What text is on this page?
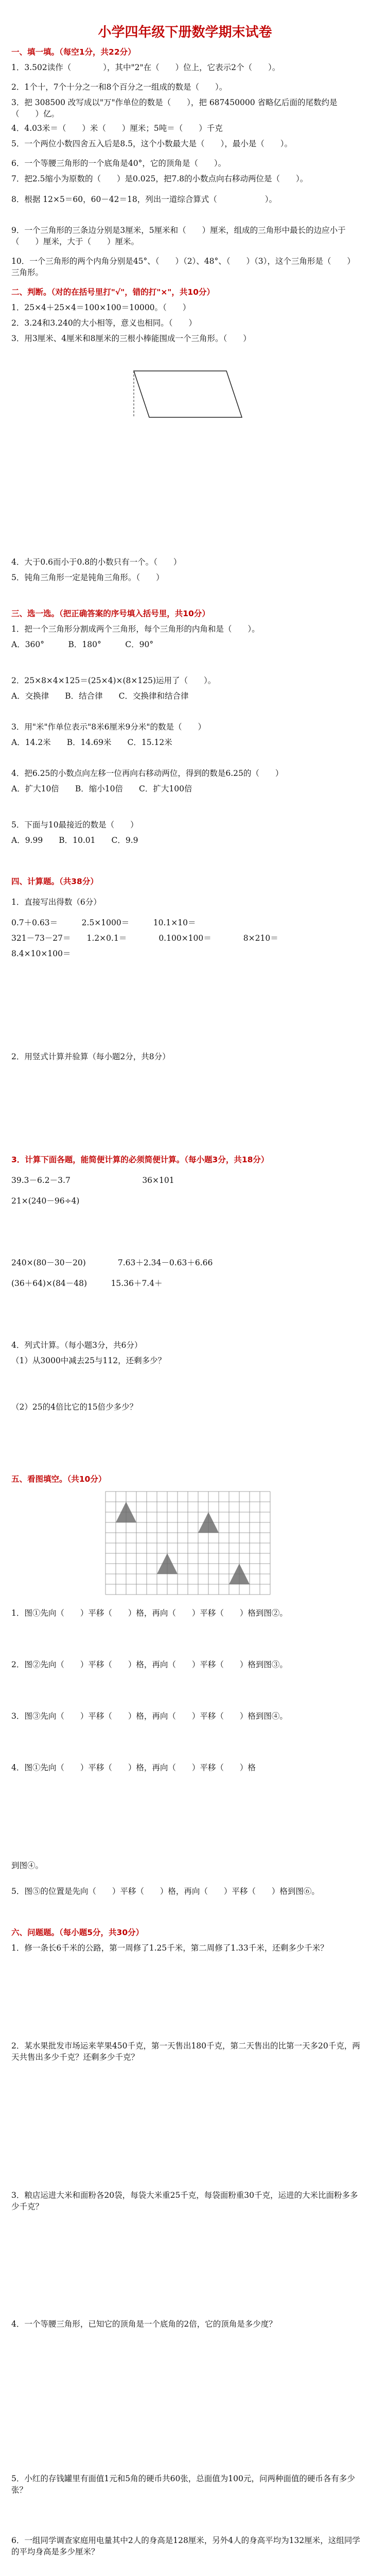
小学四年级下册数学期末试卷
一、填一填。（每空1分，共22分）
1．3.502读作（　　　　），其中"2"在（　　）位上，它表示2个（　　）。
2．1个十，7个十分之一和8个百分之一组成的数是（　　）。
3．把 308500 改写成以"万"作单位的数是（　　），把 687450000 省略亿后面的尾数约是（　　）亿。
4．4.03米＝（　　）米（　　）厘米；5吨＝（　　）千克
5．一个两位小数四舍五入后是8.5，这个小数最大是（　　），最小是（　　）。
6．一个等腰三角形的一个底角是40°，它的顶角是（　　）。
7．把2.5缩小为原数的（　　）是0.025，把7.8的小数点向右移动两位是（　　）。
8．根据 12×5＝60，60－42＝18，列出一道综合算式（　　　　　　）。
9．一个三角形的三条边分别是3厘米，5厘米和（　　）厘米，组成的三角形中最长的边应小于（　　）厘米，大于（　　）厘米。
10．一个三角形的两个内角分别是45°、（　　）（2）、48°、（　　）（3），这个三角形是（　　）三角形。
二、判断。（对的在括号里打"√"，错的打"×"，共10分）
1．25×4＋25×4＝100×100＝10000。（　　）
2．3.24和3.240的大小相等，意义也相同。（　　）
3．用3厘米、4厘米和8厘米的三根小棒能围成一个三角形。（　　）
4．大于0.6而小于0.8的小数只有一个。（　　）
5．钝角三角形一定是钝角三角形。（　　）
三、选一选。（把正确答案的序号填入括号里，共10分）
1．把一个三角形分割成两个三角形，每个三角形的内角和是（　　）。
A．360°　　　B．180°　　　C．90°
2．25×8×4×125＝(25×4)×(8×125)运用了（　　）。
A．交换律　　B．结合律　　C．交换律和结合律
3．用"米"作单位表示"8米6厘米9分米"的数是（　　）
A．14.2米　　B．14.69米　　C．15.12米
4．把6.25的小数点向左移一位再向右移动两位，得到的数是6.25的（　　）
A．扩大10倍　　B．缩小10倍　　C．扩大100倍
5．下面与10最接近的数是（　　）
A．9.99　　B．10.01　　C．9.9
四、计算题。（共38分）
1．直接写出得数（6分）
0.7＋0.63＝　　　2.5×1000＝　　　10.1×10＝
321－73－27＝　　1.2×0.1＝　　　　0.100×100＝　　　　8×210＝
8.4×10×100＝
2．用竖式计算并验算（每小题2分，共8分）
3．计算下面各题，能简便计算的必须简便计算。（每小题3分，共18分）
39.3－6.2－3.7　　　　　　　　　36×101
21×(240－96÷4)
240×(80－30－20)　　　　7.63＋2.34－0.63＋6.66
(36＋64)×(84－48)　　　15.36＋7.4＋
4．列式计算。（每小题3分，共6分）
（1）从3000中减去25与112，还剩多少？
（2）25的4倍比它的15倍少多少？
五、看图填空。（共10分）
1．图①先向（　　）平移（　　）格，再向（　　）平移（　　）格到图②。
2．图②先向（　　）平移（　　）格，再向（　　）平移（　　）格到图③。
3．图③先向（　　）平移（　　）格，再向（　　）平移（　　）格到图④。
4．图①先向（　　）平移（　　）格，再向（　　）平移（　　）格
到图④。
5．图⑤的位置是先向（　　）平移（　　）格，再向（　　）平移（　　）格到图⑥。
六、问题题。（每小题5分，共30分）
1．修一条长6千米的公路，第一周修了1.25千米，第二周修了1.33千米，还剩多少千米？
2．某水果批发市场运来苹果450千克，第一天售出180千克，第二天售出的比第一天多20千克，两天共售出多少千克？还剩多少千克？
3．粮店运进大米和面粉各20袋，每袋大米重25千克，每袋面粉重30千克，运进的大米比面粉多多少千克？
4．一个等腰三角形，已知它的顶角是一个底角的2倍，它的顶角是多少度？
5．小红的存钱罐里有面值1元和5角的硬币共60张，总面值为100元，问两种面值的硬币各有多少张？
6．一组同学调查家庭用电量其中2人的身高是128厘米，另外4人的身高平均为132厘米，这组同学的平均身高是多少厘米？
